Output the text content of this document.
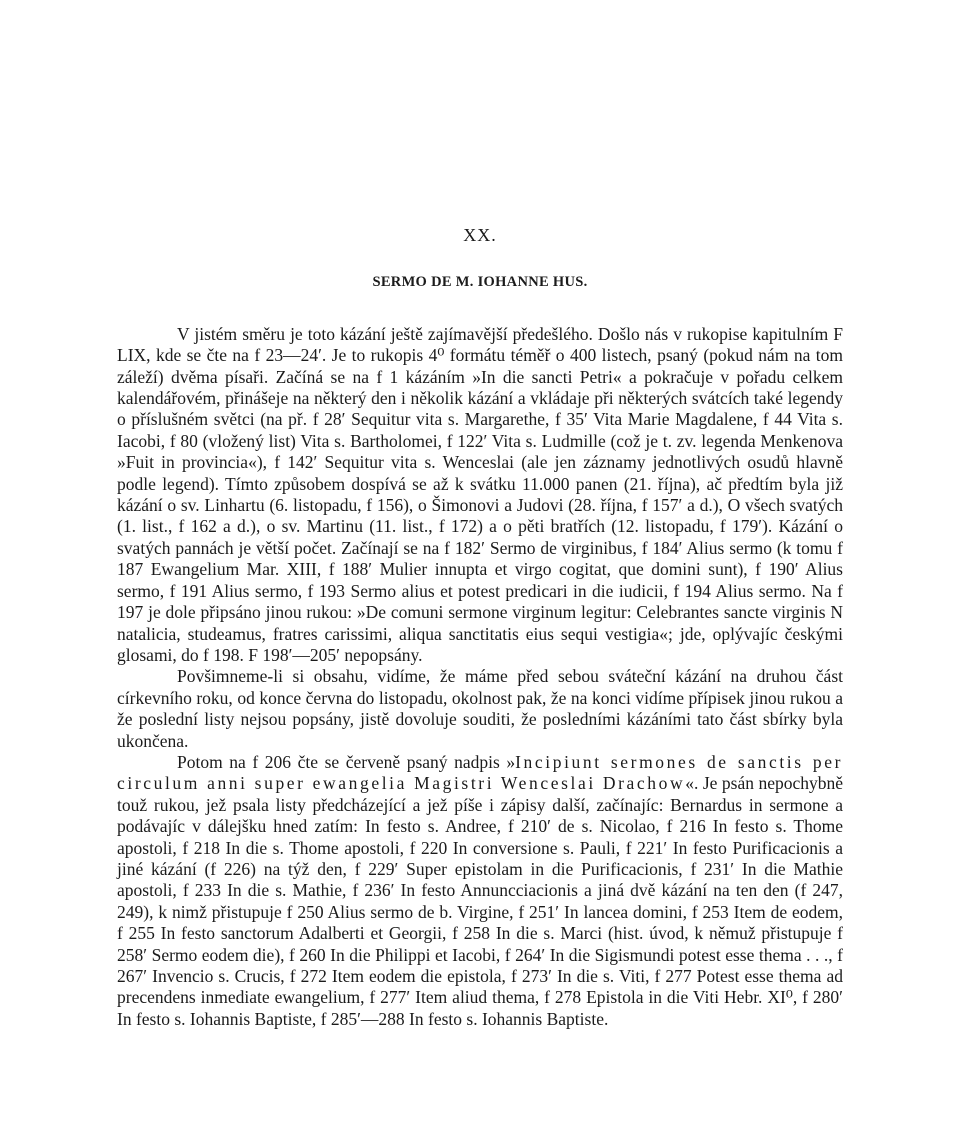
XX.
SERMO DE M. IOHANNE HUS.

V jistém směru je toto kázání ještě zajímavější předešlého. Došlo nás v rukopise kapitulním F LIX, kde se čte na f 23—24′. Je to rukopis 4⁰ formátu téměř o 400 listech, psaný (pokud nám na tom záleží) dvěma písaři. Začíná se na f 1 kázáním »In die sancti Petri« a pokračuje v pořadu celkem kalendářovém, přinášeje na některý den i několik kázání a vkládaje při některých svátcích také legendy o příslušném světci (na př. f 28′ Sequitur vita s. Margarethe, f 35′ Vita Marie Magdalene, f 44 Vita s. Iacobi, f 80 (vložený list) Vita s. Bartholomei, f 122′ Vita s. Ludmille (což je t. zv. legenda Menkenova »Fuit in provincia«), f 142′ Sequitur vita s. Wenceslai (ale jen záznamy jednotlivých osudů hlavně podle legend). Tímto způsobem dospívá se až k svátku 11.000 panen (21. října), ač předtím byla již kázání o sv. Linhartu (6. listopadu, f 156), o Šimonovi a Judovi (28. října, f 157′ a d.), O všech svatých (1. list., f 162 a d.), o sv. Martinu (11. list., f 172) a o pěti bratřích (12. listopadu, f 179′). Kázání o svatých pannách je větší počet. Začínají se na f 182′ Sermo de virginibus, f 184′ Alius sermo (k tomu f 187 Ewangelium Mar. XIII, f 188′ Mulier innupta et virgo cogitat, que domini sunt), f 190′ Alius sermo, f 191 Alius sermo, f 193 Sermo alius et potest predicari in die iudicii, f 194 Alius sermo. Na f 197 je dole připsáno jinou rukou: »De comuni sermone virginum legitur: Celebrantes sancte virginis N natalicia, studeamus, fratres carissimi, aliqua sanctitatis eius sequi vestigia«; jde, oplývajíc českými glosami, do f 198. F 198′—205′ nepopsány.

Povšimneme-li si obsahu, vidíme, že máme před sebou sváteční kázání na druhou část církevního roku, od konce června do listopadu, okolnost pak, že na konci vidíme přípisek jinou rukou a že poslední listy nejsou popsány, jistě dovoluje souditi, že posledními kázáními tato část sbírky byla ukončena.

Potom na f 206 čte se červeně psaný nadpis »Incipiunt sermones de sanctis per circulum anni super ewangelia Magistri Wenceslai Drachow«. Je psán nepochybně touž rukou, jež psala listy předcházející a jež píše i zápisy další, začínajíc: Bernardus in sermone a podávajíc v dálejšku hned zatím: In festo s. Andree, f 210′ de s. Nicolao, f 216 In festo s. Thome apostoli, f 218 In die s. Thome apostoli, f 220 In conversione s. Pauli, f 221′ In festo Purificacionis a jiné kázání (f 226) na týž den, f 229′ Super epistolam in die Purificacionis, f 231′ In die Mathie apostoli, f 233 In die s. Mathie, f 236′ In festo Annuncciacionis a jiná dvě kázání na ten den (f 247, 249), k nimž přistupuje f 250 Alius sermo de b. Virgine, f 251′ In lancea domini, f 253 Item de eodem, f 255 In festo sanctorum Adalberti et Georgii, f 258 In die s. Marci (hist. úvod, k němuž přistupuje f 258′ Sermo eodem die), f 260 In die Philippi et Iacobi, f 264′ In die Sigismundi potest esse thema . . ., f 267′ Invencio s. Crucis, f 272 Item eodem die epistola, f 273′ In die s. Viti, f 277 Potest esse thema ad precendens inmediate ewangelium, f 277′ Item aliud thema, f 278 Epistola in die Viti Hebr. XI⁰, f 280′ In festo s. Iohannis Baptiste, f 285′—288 In festo s. Iohannis Baptiste.
